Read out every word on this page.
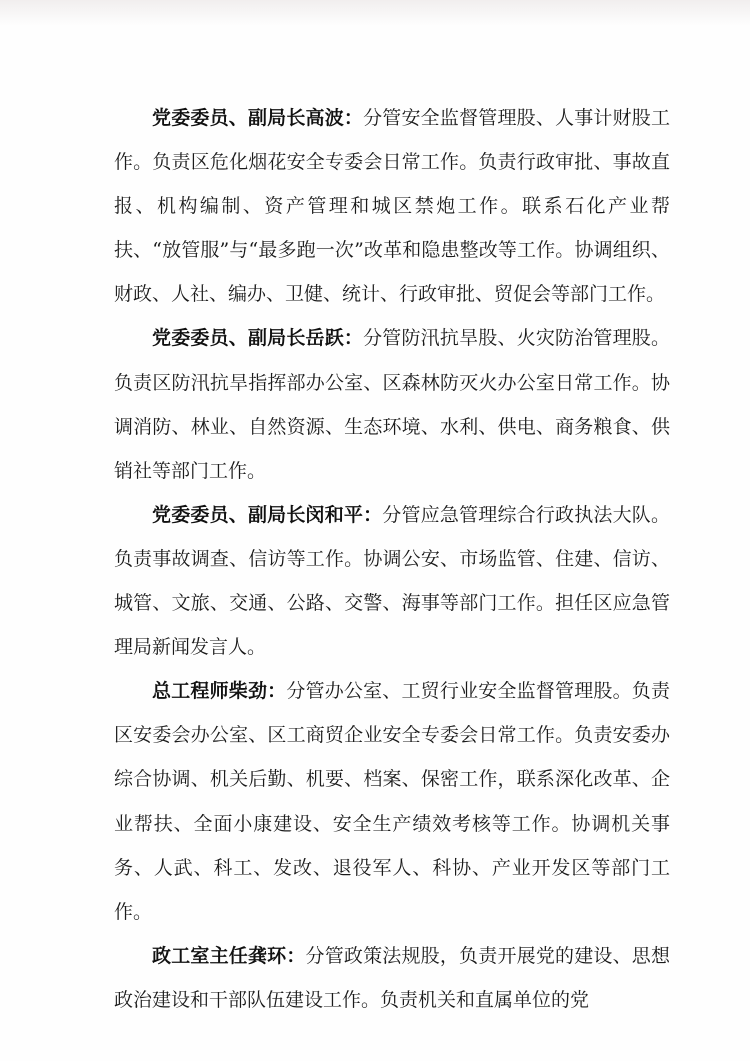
党委委员、副局长高波：分管安全监督管理股、人事计财股工作。负责区危化烟花安全专委会日常工作。负责行政审批、事故直报、机构编制、资产管理和城区禁炮工作。联系石化产业帮扶、“放管服”与“最多跑一次”改革和隐患整改等工作。协调组织、财政、人社、编办、卫健、统计、行政审批、贸促会等部门工作。

党委委员、副局长岳跃：分管防汛抗旱股、火灾防治管理股。负责区防汛抗旱指挥部办公室、区森林防灭火办公室日常工作。协调消防、林业、自然资源、生态环境、水利、供电、商务粮食、供销社等部门工作。

党委委员、副局长闵和平：分管应急管理综合行政执法大队。负责事故调查、信访等工作。协调公安、市场监管、住建、信访、城管、文旅、交通、公路、交警、海事等部门工作。担任区应急管理局新闻发言人。

总工程师柴劲：分管办公室、工贸行业安全监督管理股。负责区安委会办公室、区工商贸企业安全专委会日常工作。负责安委办综合协调、机关后勤、机要、档案、保密工作，联系深化改革、企业帮扶、全面小康建设、安全生产绩效考核等工作。协调机关事务、人武、科工、发改、退役军人、科协、产业开发区等部门工作。

政工室主任龚环：分管政策法规股，负责开展党的建设、思想政治建设和干部队伍建设工作。负责机关和直属单位的党
